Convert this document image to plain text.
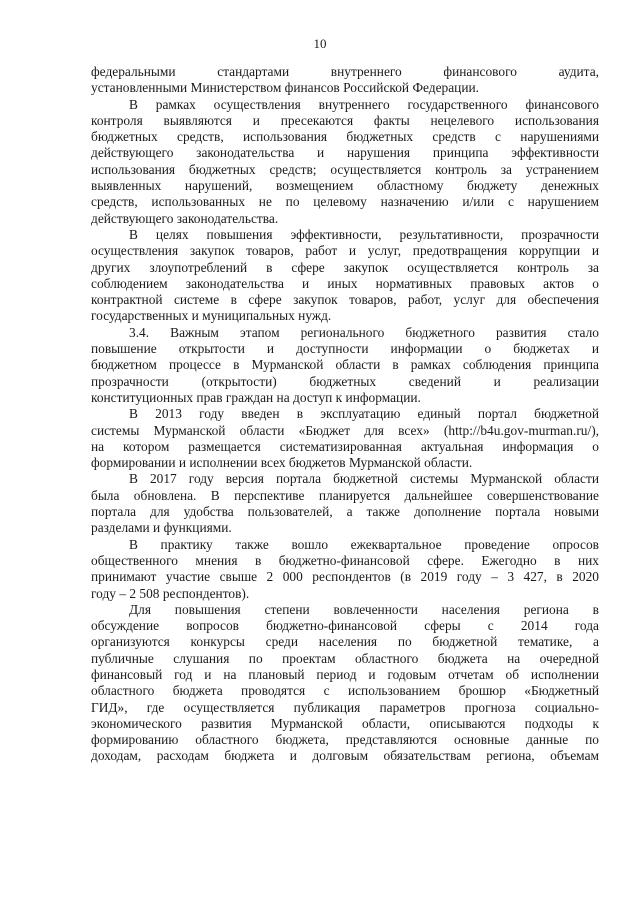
10
федеральными стандартами внутреннего финансового аудита,
установленными Министерством финансов Российской Федерации.
В рамках осуществления внутреннего государственного финансового
контроля выявляются и пресекаются факты нецелевого использования
бюджетных средств, использования бюджетных средств с нарушениями
действующего законодательства и нарушения принципа эффективности
использования бюджетных средств; осуществляется контроль за устранением
выявленных нарушений, возмещением областному бюджету денежных
средств, использованных не по целевому назначению и/или с нарушением
действующего законодательства.
В целях повышения эффективности, результативности, прозрачности
осуществления закупок товаров, работ и услуг, предотвращения коррупции и
других злоупотреблений в сфере закупок осуществляется контроль за
соблюдением законодательства и иных нормативных правовых актов о
контрактной системе в сфере закупок товаров, работ, услуг для обеспечения
государственных и муниципальных нужд.
3.4. Важным этапом регионального бюджетного развития стало
повышение открытости и доступности информации о бюджетах и
бюджетном процессе в Мурманской области в рамках соблюдения принципа
прозрачности (открытости) бюджетных сведений и реализации
конституционных прав граждан на доступ к информации.
В 2013 году введен в эксплуатацию единый портал бюджетной
системы Мурманской области «Бюджет для всех» (http://b4u.gov-murman.ru/),
на котором размещается систематизированная актуальная информация о
формировании и исполнении всех бюджетов Мурманской области.
В 2017 году версия портала бюджетной системы Мурманской области
была обновлена. В перспективе планируется дальнейшее совершенствование
портала для удобства пользователей, а также дополнение портала новыми
разделами и функциями.
В практику также вошло ежеквартальное проведение опросов
общественного мнения в бюджетно-финансовой сфере. Ежегодно в них
принимают участие свыше 2 000 респондентов (в 2019 году – 3 427, в 2020
году – 2 508 респондентов).
Для повышения степени вовлеченности населения региона в
обсуждение вопросов бюджетно-финансовой сферы с 2014 года
организуются конкурсы среди населения по бюджетной тематике, а
публичные слушания по проектам областного бюджета на очередной
финансовый год и на плановый период и годовым отчетам об исполнении
областного бюджета проводятся с использованием брошюр «Бюджетный
ГИД», где осуществляется публикация параметров прогноза социально-
экономического развития Мурманской области, описываются подходы к
формированию областного бюджета, представляются основные данные по
доходам, расходам бюджета и долговым обязательствам региона, объемам
